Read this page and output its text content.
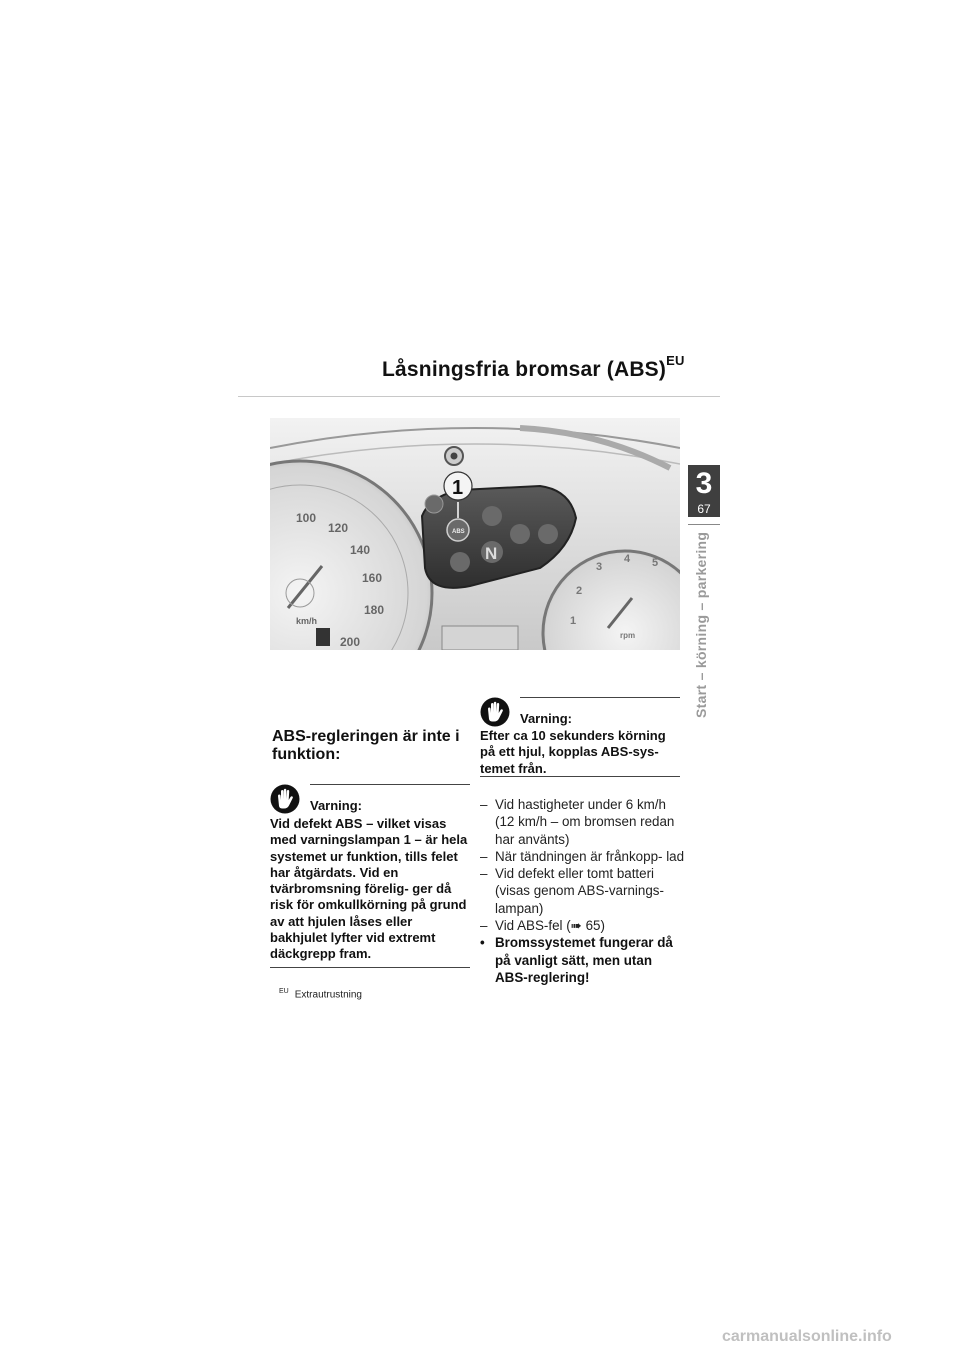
Låsningsfria bromsar (ABS)$^{EU}$
3
67
Start – körning – parkering
100
120
140
160
180
200
km/h	1
2
3
4 5
rpm
ABS
N
1
ABS-regleringen är inte i funktion:
Varning:

Vid defekt ABS – vilket visas med varningslampan 1 – är hela systemet ur funktion, tills felet har åtgärdats. Vid en tvärbromsning förelig- ger då risk för omkullkörning på grund av att hjulen låses eller bakhjulet lyfter vid extremt däckgrepp fram.

$^{EU}$ Extrautrustning
Varning:

Efter ca 10 sekunders körning på ett hjul, kopplas ABS-sys- temet från.

– Vid hastigheter under 6 km/h (12 km/h – om bromsen redan har använts)
– När tändningen är frånkopp- lad
– Vid defekt eller tomt batteri (visas genom ABS-varnings- lampan)
– Vid ABS-fel (➠ 65)
• Bromssystemet fungerar då på vanligt sätt, men utan ABS-reglering!
carmanualsonline.info
